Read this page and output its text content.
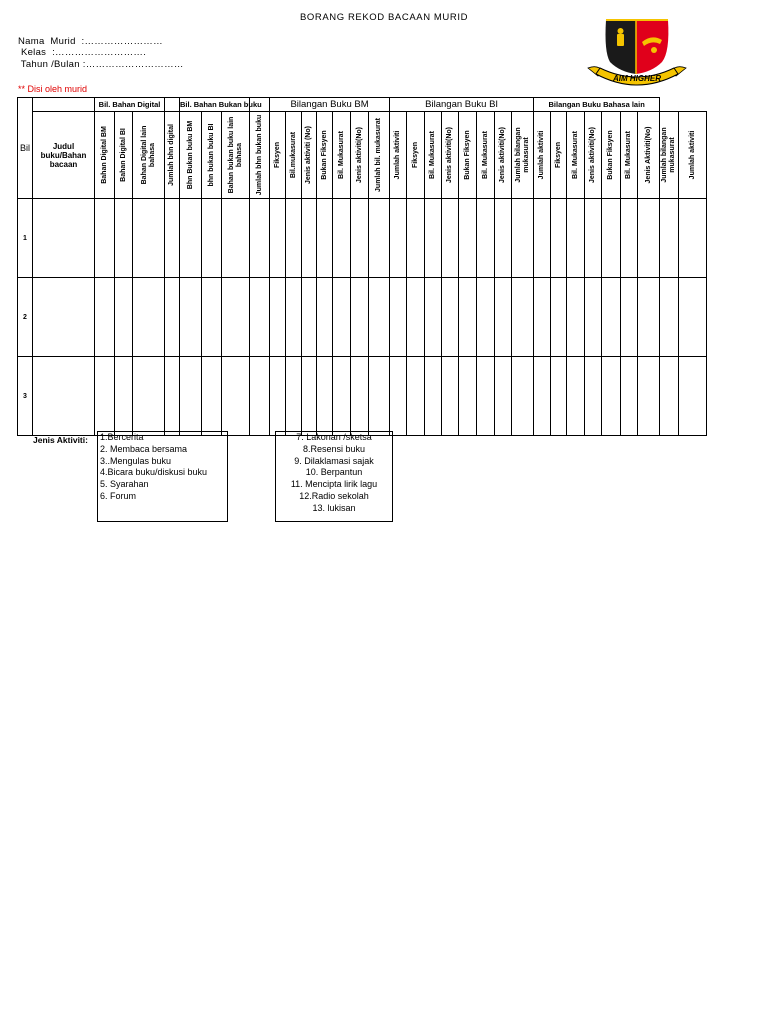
BORANG REKOD BACAAN MURID
Nama  Murid  :……………………
Kelas  :……………………….
Tahun /Bulan :…………………………
** Disi oleh murid
AIM HIGHER
Bil		Bil. Bahan Digital				Bil. Bahan Bukan buku				Bilangan Buku BM							Bilangan Buku BI								Bilangan Buku Bahasa lain								
	Judul buku/Bahan bacaan	Bahan Digital BM	Bahan Digital BI	Bahan Digital lain bahasa	Jumlah bhn digital	Bhn Bukan buku BM	bhn bukan buku BI	Bahan bukan buku lain bahasa	Jumlah bhn bukan buku	Fiksyen	Bil.mukasurat	Jenis aktiviti (No)	Bukan Fiksyen	Bil. Mukasurat	Jenis aktiviti(No)	Jumlah bil. mukasurat	Jumlah aktiviti	Fiksyen	Bil. Mukasurat	Jenis aktiviti(No)	Bukan Fiksyen	Bil. Mukasurat	Jenis aktiviti(No)	Jumlah bilangan mukasurat	Jumlah aktiviti	Fiksyen	Bil. Mukasurat	Jenis aktiviti(No)	Bukan Fiksyen	Bil. Mukasurat	Jenis Aktiviti(No)	Jumlah bilangan mukasurat	Jumlah aktiviti

1																																	
2																																	
3																																	
Jenis Aktiviti: 1.Bercerita
2. Membaca bersama
3..Mengulas buku
4.Bicara buku/diskusi buku
5. Syarahan
6. Forum
7. Lakonan /sketsa
8.Resensi buku
9. Dilaklamasi sajak
10. Berpantun
11. Mencipta lirik lagu
12.Radio sekolah
13. lukisan
